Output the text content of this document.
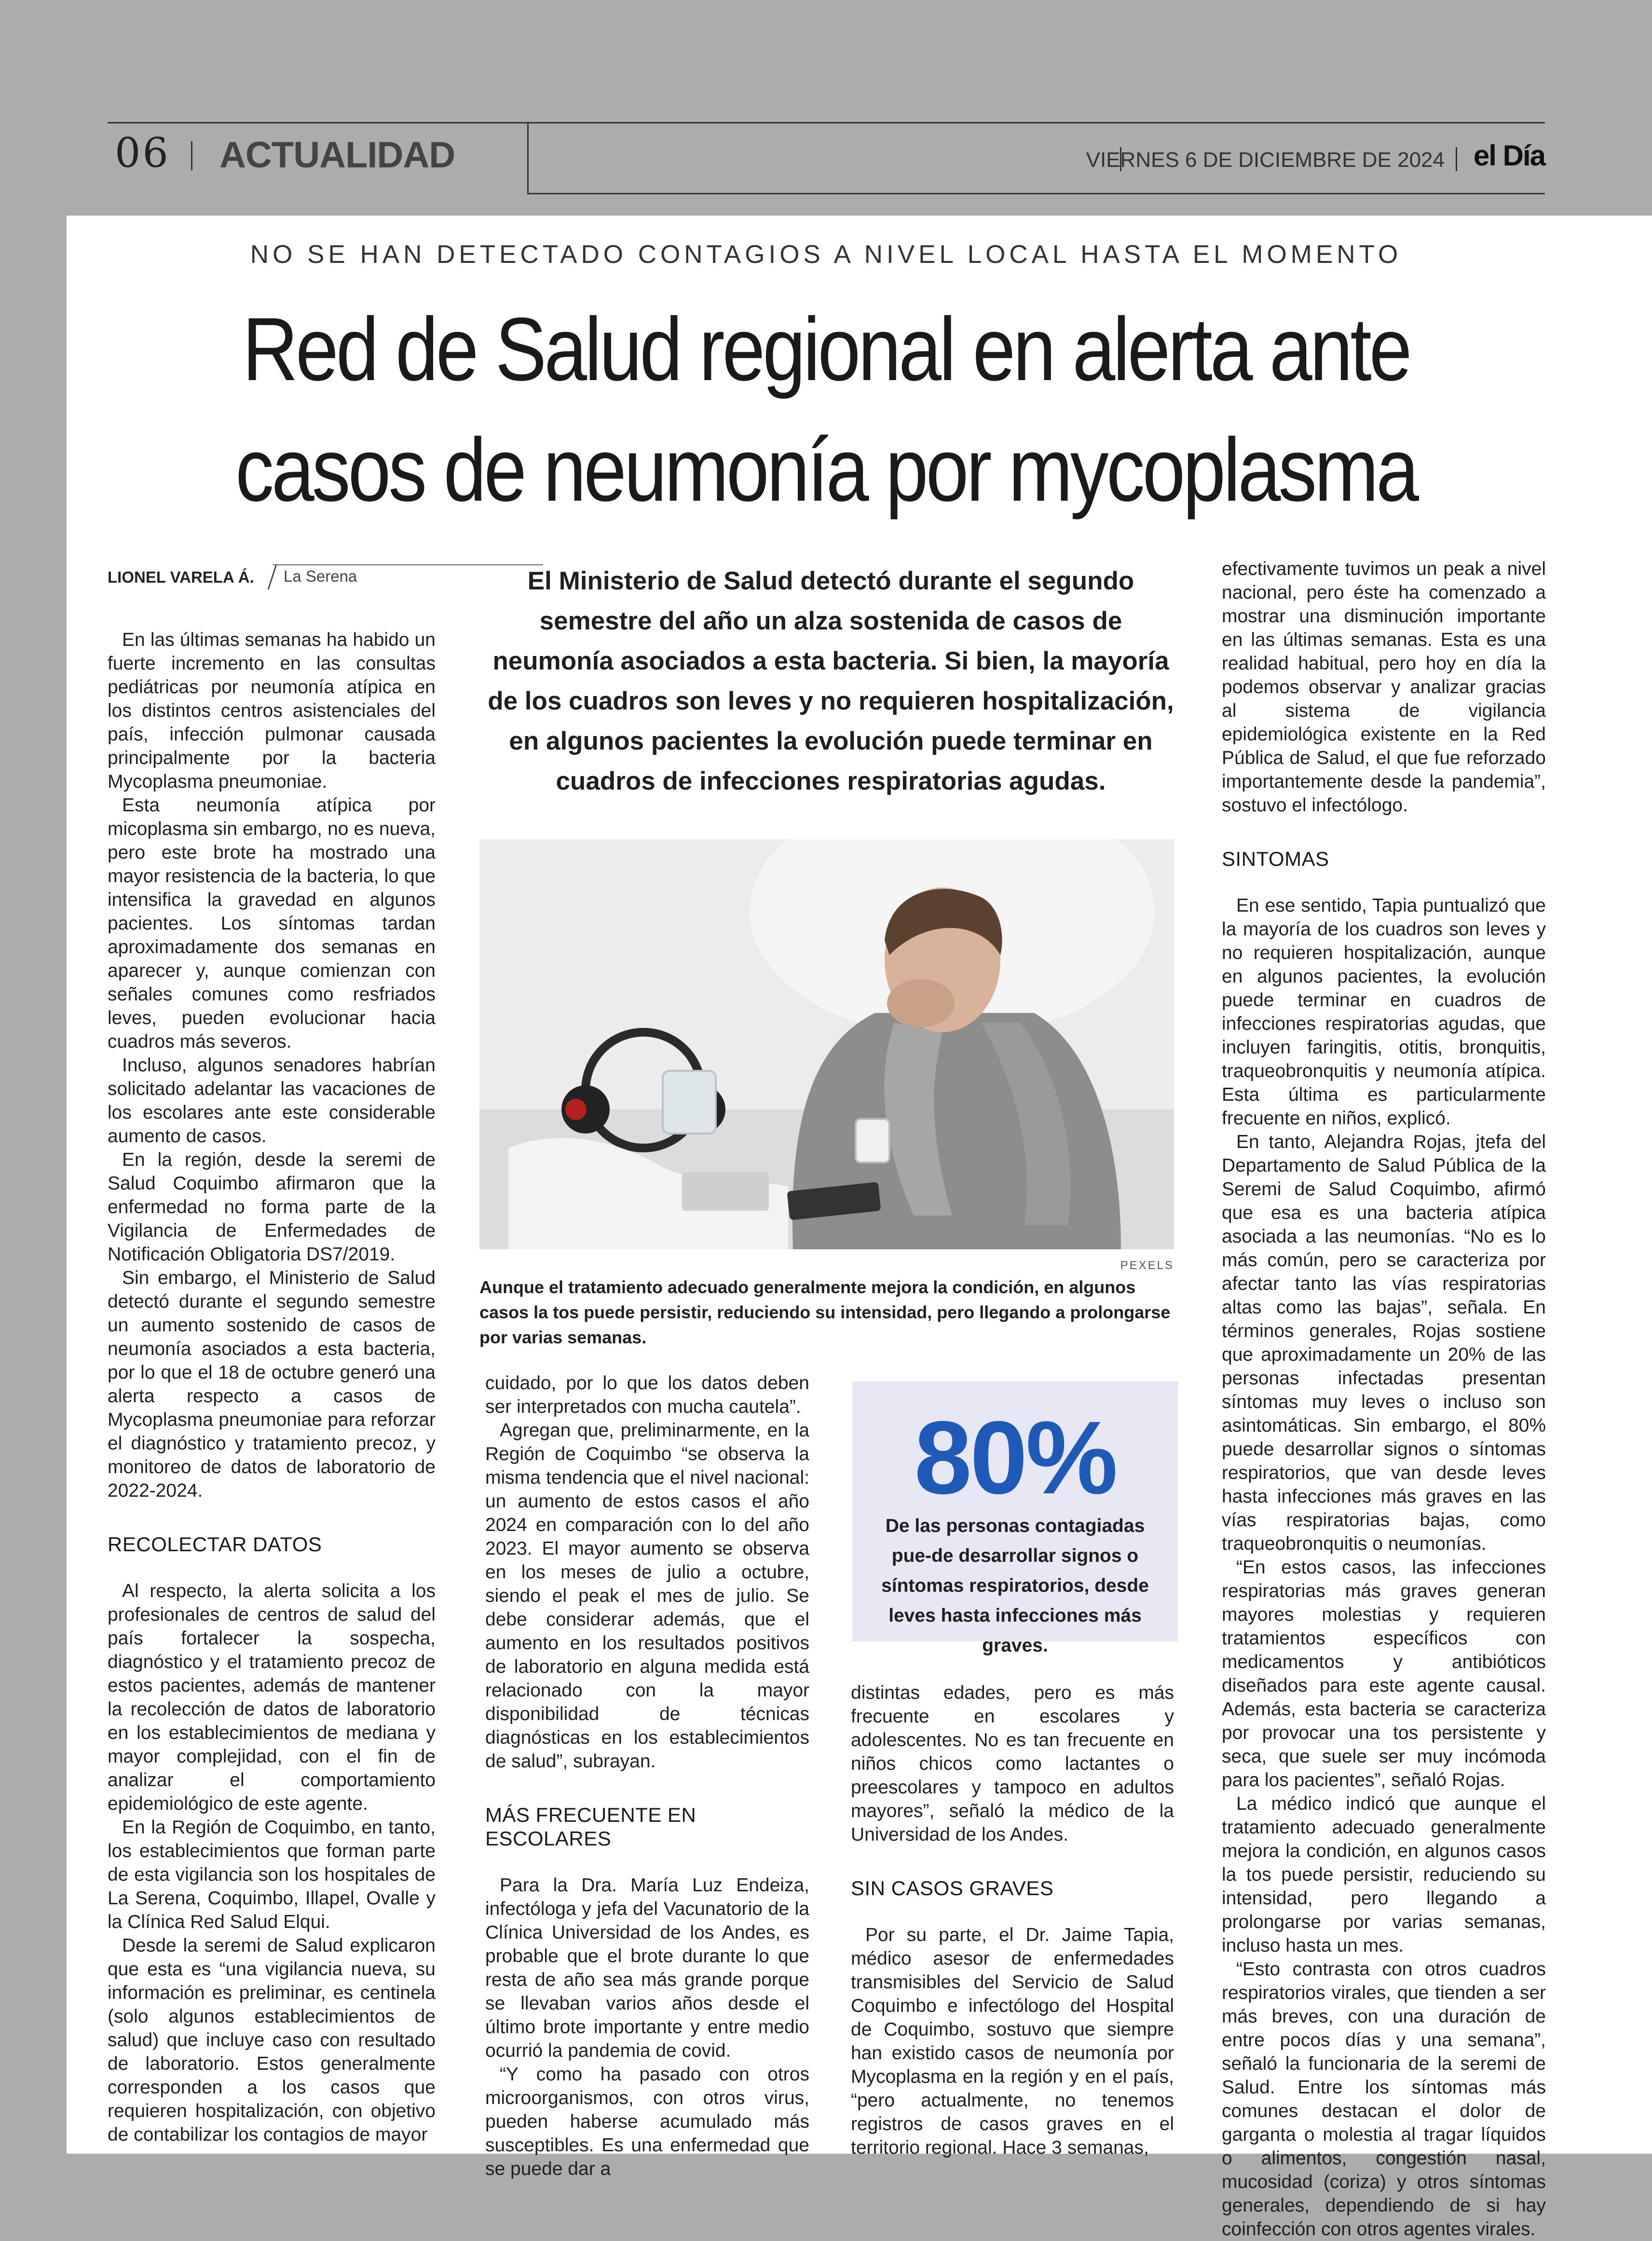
06 ACTUALIDAD	VIERNES 6 DE DICIEMBRE DE 2024 el Día
NO SE HAN DETECTADO CONTAGIOS A NIVEL LOCAL HASTA EL MOMENTO
Red de Salud regional en alerta ante
casos de neumonía por mycoplasma
LIONEL VARELA Á. La Serena

En las últimas semanas ha habido un fuerte incremento en las consultas pediátricas por neumonía atípica en los distintos centros asistenciales del país, infección pulmonar causada principalmente por la bacteria Mycoplasma pneumoniae.

Esta neumonía atípica por micoplasma sin embargo, no es nueva, pero este brote ha mostrado una mayor resistencia de la bacteria, lo que intensifica la gravedad en algunos pacientes. Los síntomas tardan aproximadamente dos semanas en aparecer y, aunque comienzan con señales comunes como resfriados leves, pueden evolucionar hacia cuadros más severos.

Incluso, algunos senadores habrían solicitado adelantar las vacaciones de los escolares ante este considerable aumento de casos.

En la región, desde la seremi de Salud Coquimbo afirmaron que la enfermedad no forma parte de la Vigilancia de Enfermedades de Notificación Obligatoria DS7/2019.

Sin embargo, el Ministerio de Salud detectó durante el segundo semestre un aumento sostenido de casos de neumonía asociados a esta bacteria, por lo que el 18 de octubre generó una alerta respecto a casos de Mycoplasma pneumoniae para reforzar el diagnóstico y tratamiento precoz, y monitoreo de datos de laboratorio de 2022-2024.

RECOLECTAR DATOS

Al respecto, la alerta solicita a los profesionales de centros de salud del país fortalecer la sospecha, diagnóstico y el tratamiento precoz de estos pacientes, además de mantener la recolección de datos de laboratorio en los establecimientos de mediana y mayor complejidad, con el fin de analizar el comportamiento epidemiológico de este agente.

En la Región de Coquimbo, en tanto, los establecimientos que forman parte de esta vigilancia son los hospitales de La Serena, Coquimbo, Illapel, Ovalle y la Clínica Red Salud Elqui.

Desde la seremi de Salud explicaron que esta es “una vigilancia nueva, su información es preliminar, es centinela (solo algunos establecimientos de salud) que incluye caso con resultado de laboratorio. Estos generalmente corresponden a los casos que requieren hospitalización, con objetivo de contabilizar los contagios de mayor

El Ministerio de Salud detectó durante el segundo semestre del año un alza sostenida de casos de neumonía asociados a esta bacteria. Si bien, la mayoría de los cuadros son leves y no requieren hospitalización, en algunos pacientes la evolución puede terminar en cuadros de infecciones respiratorias agudas.
PEXELS
Aunque el tratamiento adecuado generalmente mejora la condición, en algunos casos la tos puede persistir, reduciendo su intensidad, pero llegando a prolongarse por varias semanas.

cuidado, por lo que los datos deben ser interpretados con mucha cautela”.

Agregan que, preliminarmente, en la Región de Coquimbo “se observa la misma tendencia que el nivel nacional: un aumento de estos casos el año 2024 en comparación con lo del año 2023. El mayor aumento se observa en los meses de julio a octubre, siendo el peak el mes de julio. Se debe considerar además, que el aumento en los resultados positivos de laboratorio en alguna medida está relacionado con la mayor disponibilidad de técnicas diagnósticas en los establecimientos de salud”, subrayan.

MÁS FRECUENTE EN ESCOLARES

Para la Dra. María Luz Endeiza, infectóloga y jefa del Vacunatorio de la Clínica Universidad de los Andes, es probable que el brote durante lo que resta de año sea más grande porque se llevaban varios años desde el último brote importante y entre medio ocurrió la pandemia de covid.

“Y como ha pasado con otros microorganismos, con otros virus, pueden haberse acumulado más susceptibles. Es una enfermedad que se puede dar a

80%
De las personas contagiadas pue-de desarrollar signos o síntomas respiratorios, desde leves hasta infecciones más graves.

distintas edades, pero es más frecuente en escolares y adolescentes. No es tan frecuente en niños chicos como lactantes o preescolares y tampoco en adultos mayores”, señaló la médico de la Universidad de los Andes.

SIN CASOS GRAVES

Por su parte, el Dr. Jaime Tapia, médico asesor de enfermedades transmisibles del Servicio de Salud Coquimbo e infectólogo del Hospital de Coquimbo, sostuvo que siempre han existido casos de neumonía por Mycoplasma en la región y en el país, “pero actualmente, no tenemos registros de casos graves en el territorio regional. Hace 3 semanas,

efectivamente tuvimos un peak a nivel nacional, pero éste ha comenzado a mostrar una disminución importante en las últimas semanas. Esta es una realidad habitual, pero hoy en día la podemos observar y analizar gracias al sistema de vigilancia epidemiológica existente en la Red Pública de Salud, el que fue reforzado importantemente desde la pandemia”, sostuvo el infectólogo.

SINTOMAS

En ese sentido, Tapia puntualizó que la mayoría de los cuadros son leves y no requieren hospitalización, aunque en algunos pacientes, la evolución puede terminar en cuadros de infecciones respiratorias agudas, que incluyen faringitis, otitis, bronquitis, traqueobronquitis y neumonía atípica. Esta última es particularmente frecuente en niños, explicó.

En tanto, Alejandra Rojas, jtefa del Departamento de Salud Pública de la Seremi de Salud Coquimbo, afirmó que esa es una bacteria atípica asociada a las neumonías. “No es lo más común, pero se caracteriza por afectar tanto las vías respiratorias altas como las bajas”, señala. En términos generales, Rojas sostiene que aproximadamente un 20% de las personas infectadas presentan síntomas muy leves o incluso son asintomáticas. Sin embargo, el 80% puede desarrollar signos o síntomas respiratorios, que van desde leves hasta infecciones más graves en las vías respiratorias bajas, como traqueobronquitis o neumonías.

“En estos casos, las infecciones respiratorias más graves generan mayores molestias y requieren tratamientos específicos con medicamentos y antibióticos diseñados para este agente causal. Además, esta bacteria se caracteriza por provocar una tos persistente y seca, que suele ser muy incómoda para los pacientes”, señaló Rojas.

La médico indicó que aunque el tratamiento adecuado generalmente mejora la condición, en algunos casos la tos puede persistir, reduciendo su intensidad, pero llegando a prolongarse por varias semanas, incluso hasta un mes.

“Esto contrasta con otros cuadros respiratorios virales, que tienden a ser más breves, con una duración de entre pocos días y una semana”, señaló la funcionaria de la seremi de Salud. Entre los síntomas más comunes destacan el dolor de garganta o molestia al tragar líquidos o alimentos, congestión nasal, mucosidad (coriza) y otros síntomas generales, dependiendo de si hay coinfección con otros agentes virales.
